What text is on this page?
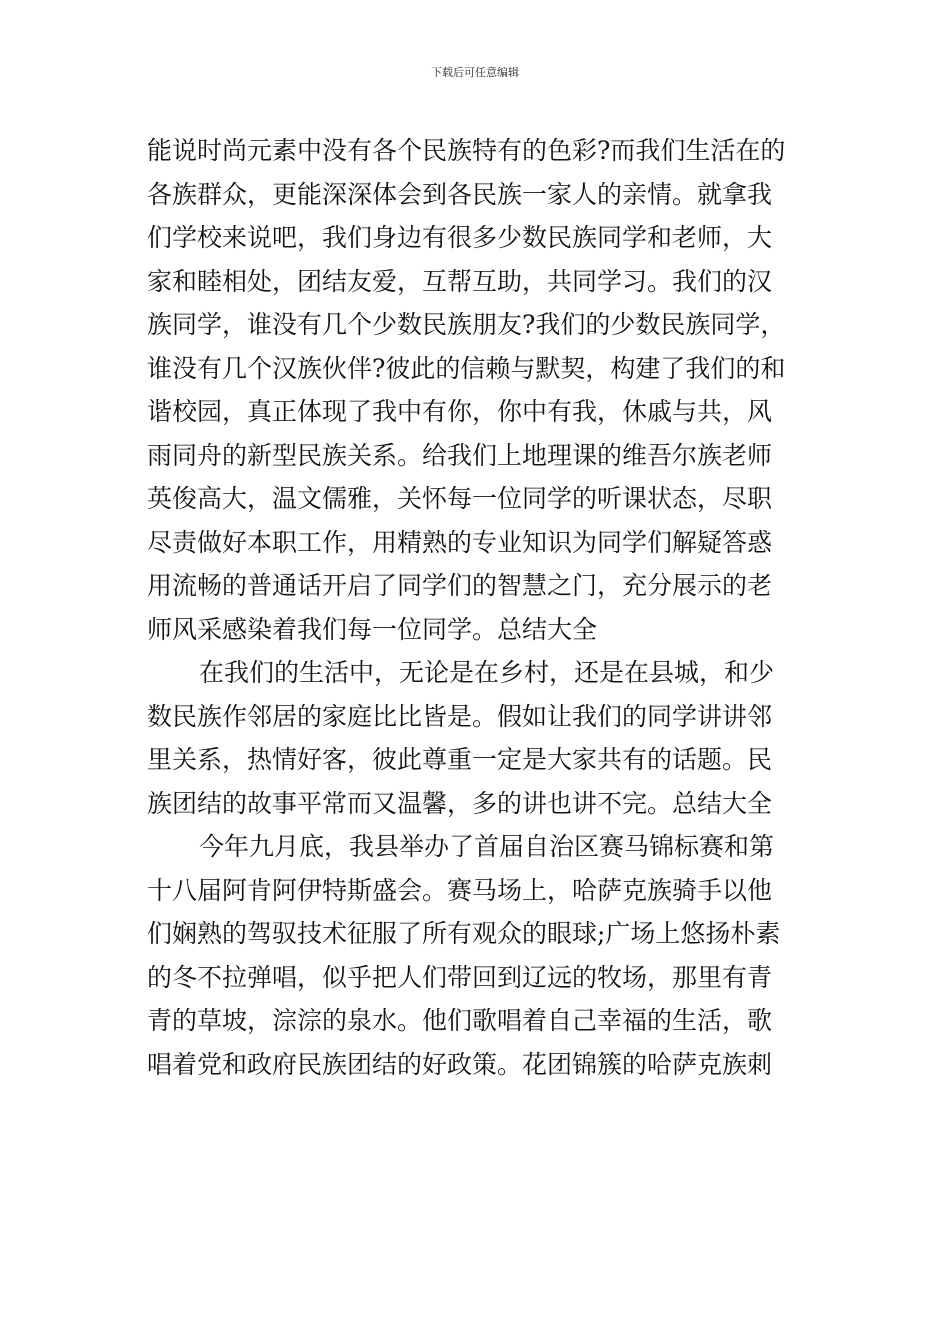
下载后可任意编辑
能说时尚元素中没有各个民族特有的色彩?而我们生活在的
各族群众，更能深深体会到各民族一家人的亲情。就拿我
们学校来说吧，我们身边有很多少数民族同学和老师，大
家和睦相处，团结友爱，互帮互助，共同学习。我们的汉
族同学，谁没有几个少数民族朋友?我们的少数民族同学，
谁没有几个汉族伙伴?彼此的信赖与默契，构建了我们的和
谐校园，真正体现了我中有你，你中有我，休戚与共，风
雨同舟的新型民族关系。给我们上地理课的维吾尔族老师
英俊高大，温文儒雅，关怀每一位同学的听课状态，尽职
尽责做好本职工作，用精熟的专业知识为同学们解疑答惑
用流畅的普通话开启了同学们的智慧之门，充分展示的老
师风采感染着我们每一位同学。总结大全
在我们的生活中，无论是在乡村，还是在县城，和少
数民族作邻居的家庭比比皆是。假如让我们的同学讲讲邻
里关系，热情好客，彼此尊重一定是大家共有的话题。民
族团结的故事平常而又温馨，多的讲也讲不完。总结大全
今年九月底，我县举办了首届自治区赛马锦标赛和第
十八届阿肯阿伊特斯盛会。赛马场上，哈萨克族骑手以他
们娴熟的驾驭技术征服了所有观众的眼球;广场上悠扬朴素
的冬不拉弹唱，似乎把人们带回到辽远的牧场，那里有青
青的草坡，淙淙的泉水。他们歌唱着自己幸福的生活，歌
唱着党和政府民族团结的好政策。花团锦簇的哈萨克族刺
